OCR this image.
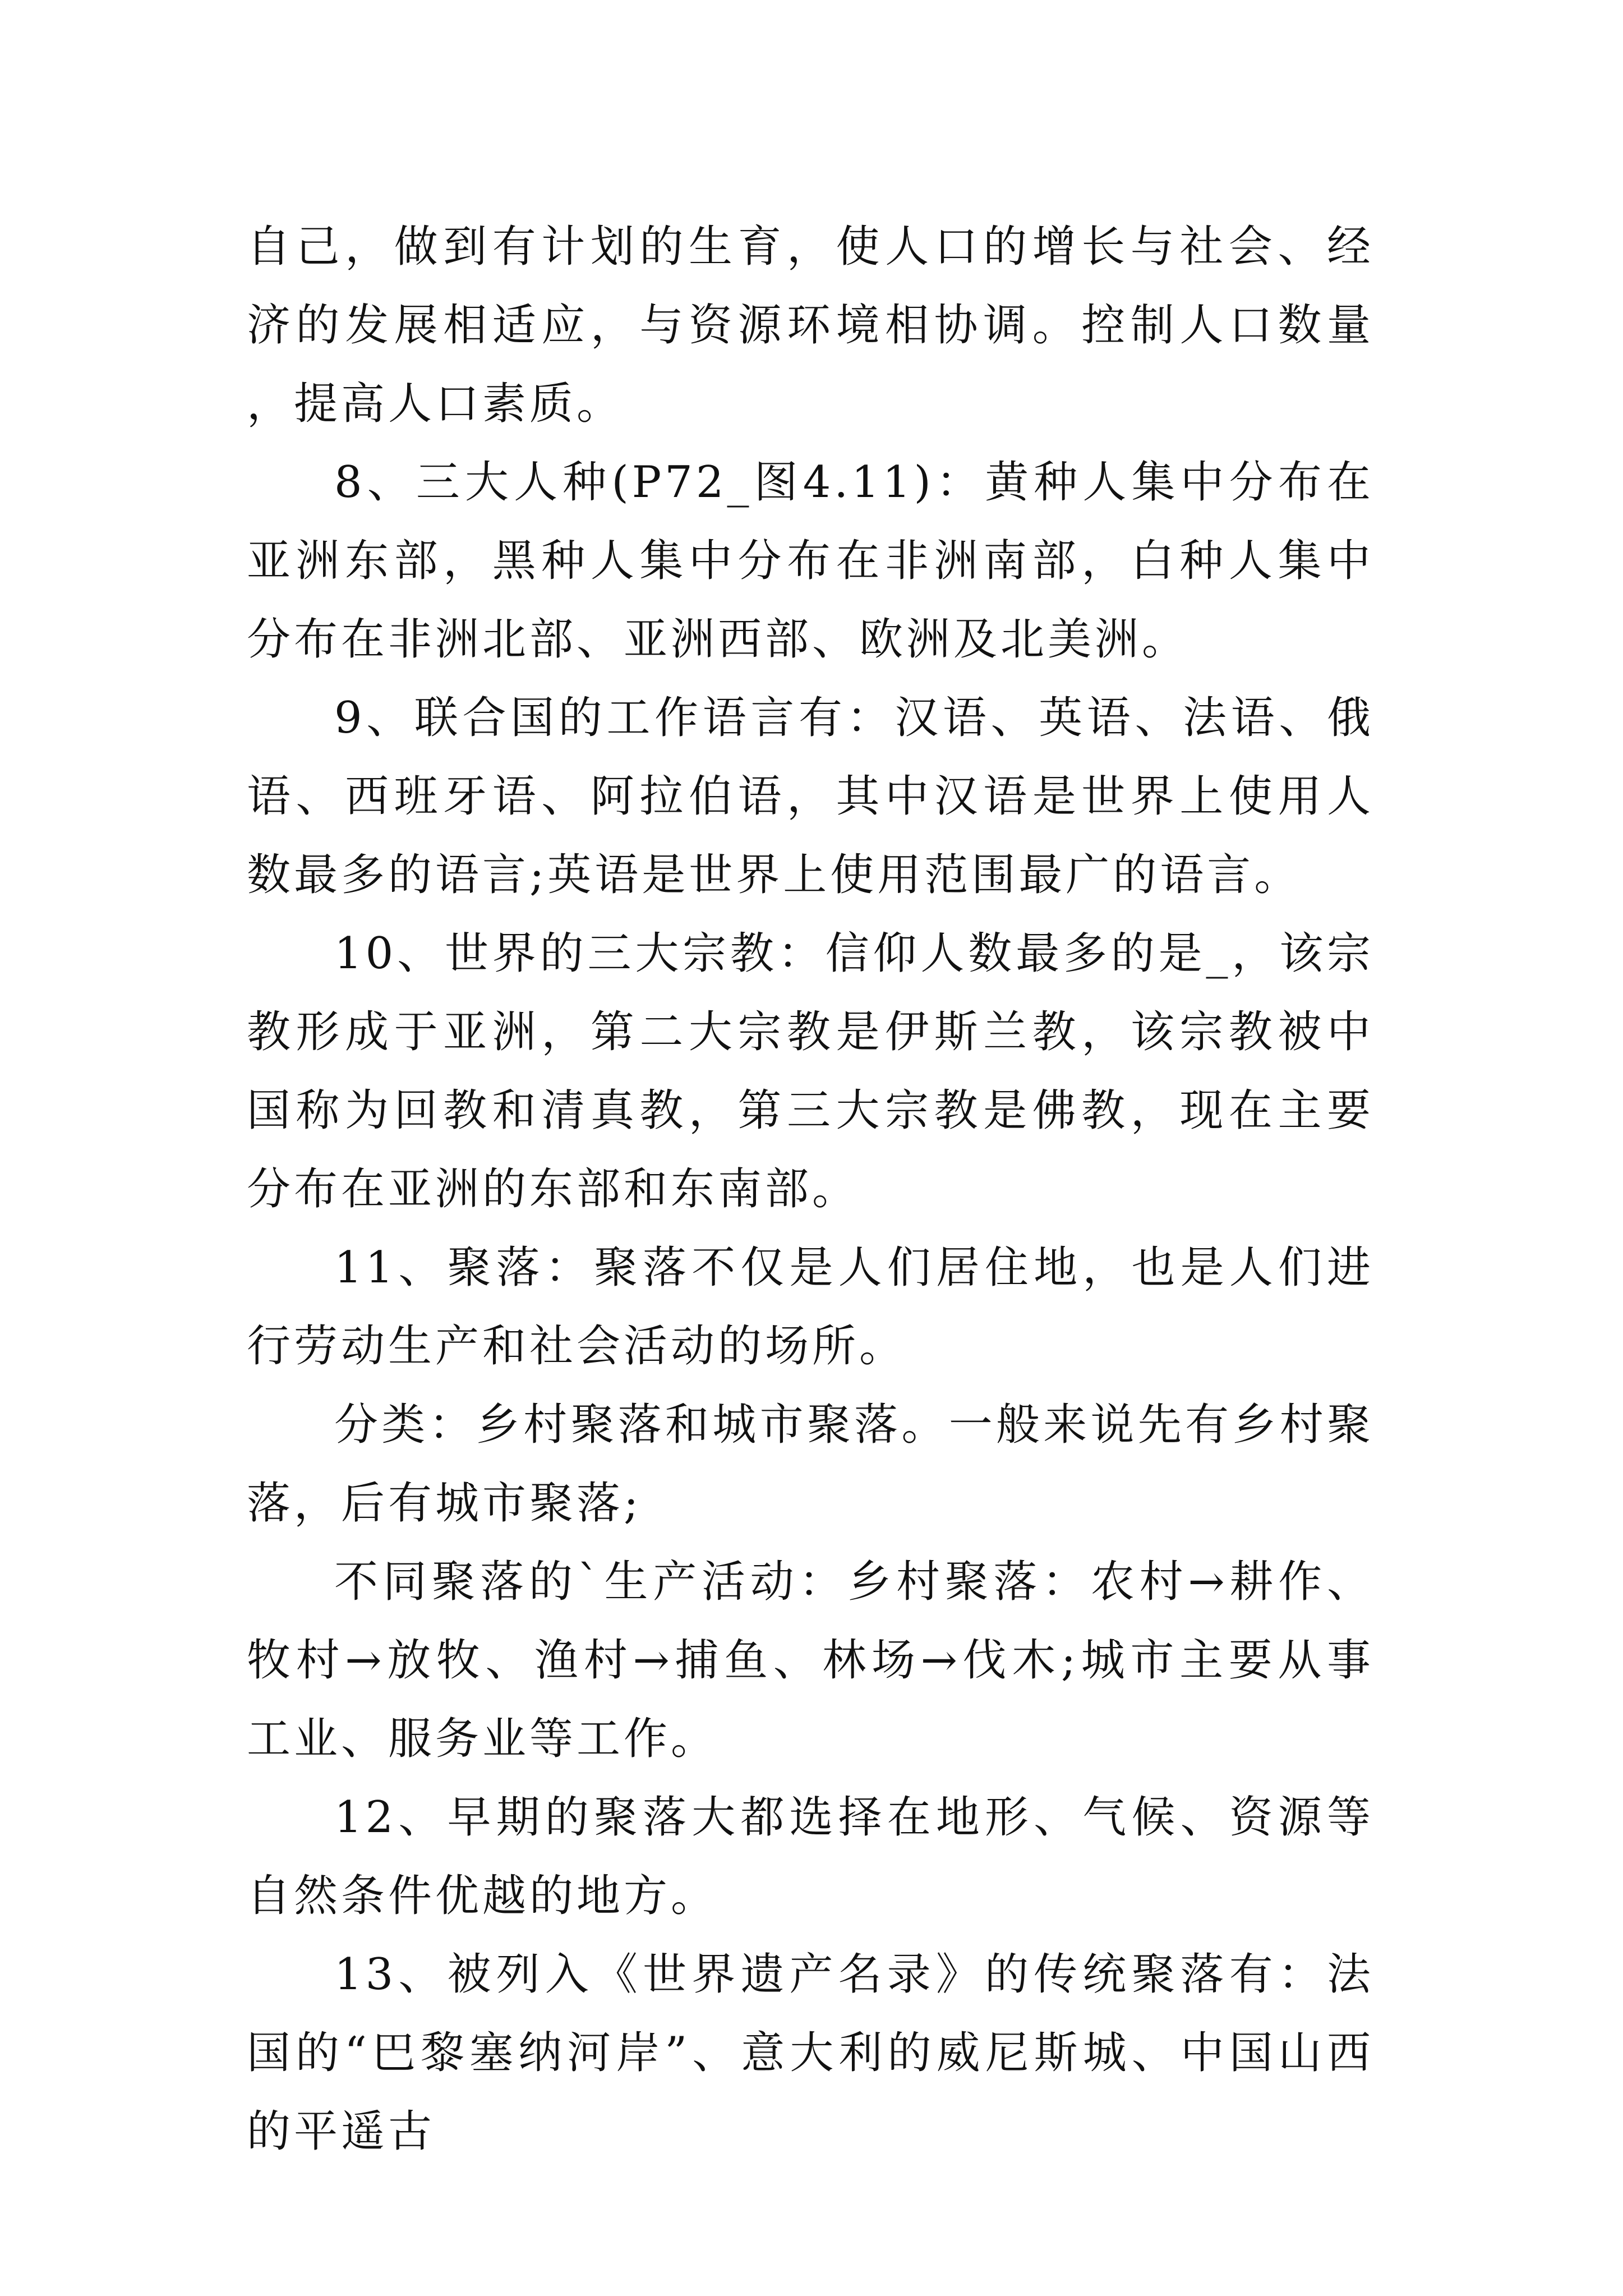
自己，做到有计划的生育，使人口的增长与社会、经济的发展相适应，与资源环境相协调。控制人口数量，提高人口素质。

8、三大人种(P72_图4.11)：黄种人集中分布在亚洲东部，黑种人集中分布在非洲南部，白种人集中分布在非洲北部、亚洲西部、欧洲及北美洲。

9、联合国的工作语言有：汉语、英语、法语、俄语、西班牙语、阿拉伯语，其中汉语是世界上使用人数最多的语言;英语是世界上使用范围最广的语言。

10、世界的三大宗教：信仰人数最多的是_，该宗教形成于亚洲，第二大宗教是伊斯兰教，该宗教被中国称为回教和清真教，第三大宗教是佛教，现在主要分布在亚洲的东部和东南部。

11、聚落：聚落不仅是人们居住地，也是人们进行劳动生产和社会活动的场所。

分类：乡村聚落和城市聚落。一般来说先有乡村聚落，后有城市聚落;

不同聚落的`生产活动：乡村聚落：农村→耕作、牧村→放牧、渔村→捕鱼、林场→伐木;城市主要从事工业、服务业等工作。

12、早期的聚落大都选择在地形、气候、资源等自然条件优越的地方。

13、被列入《世界遗产名录》的传统聚落有：法国的“巴黎塞纳河岸”、意大利的威尼斯城、中国山西的平遥古
